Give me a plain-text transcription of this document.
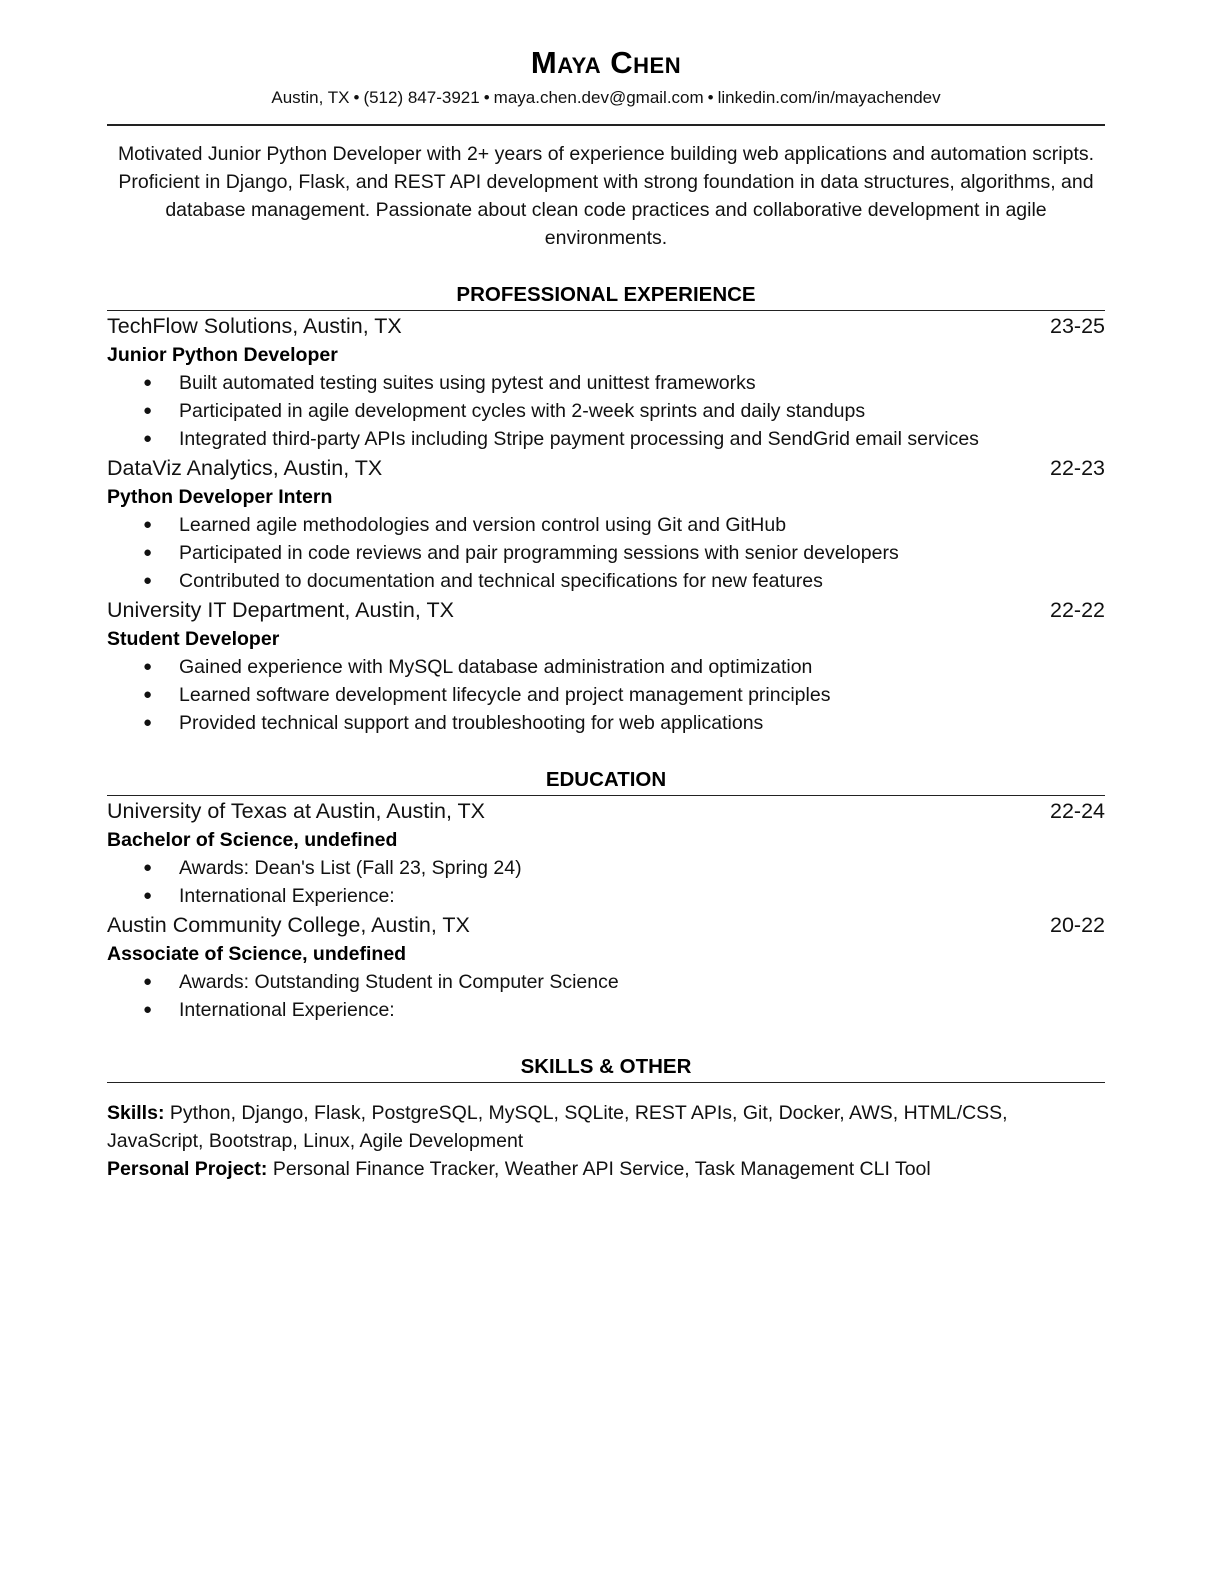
Maya Chen
Austin, TX • (512) 847-3921 • maya.chen.dev@gmail.com • linkedin.com/in/mayachendev
Motivated Junior Python Developer with 2+ years of experience building web applications and automation scripts. Proficient in Django, Flask, and REST API development with strong foundation in data structures, algorithms, and database management. Passionate about clean code practices and collaborative development in agile environments.
PROFESSIONAL EXPERIENCE
TechFlow Solutions, Austin, TX	23-25
Junior Python Developer
● Built automated testing suites using pytest and unittest frameworks
● Participated in agile development cycles with 2-week sprints and daily standups
● Integrated third-party APIs including Stripe payment processing and SendGrid email services
DataViz Analytics, Austin, TX	22-23
Python Developer Intern
● Learned agile methodologies and version control using Git and GitHub
● Participated in code reviews and pair programming sessions with senior developers
● Contributed to documentation and technical specifications for new features
University IT Department, Austin, TX	22-22
Student Developer
● Gained experience with MySQL database administration and optimization
● Learned software development lifecycle and project management principles
● Provided technical support and troubleshooting for web applications
EDUCATION
University of Texas at Austin, Austin, TX	22-24
Bachelor of Science, undefined
● Awards: Dean's List (Fall 23, Spring 24)
● International Experience:
Austin Community College, Austin, TX	20-22
Associate of Science, undefined
● Awards: Outstanding Student in Computer Science
● International Experience:
SKILLS & OTHER
Skills: Python, Django, Flask, PostgreSQL, MySQL, SQLite, REST APIs, Git, Docker, AWS, HTML/CSS, JavaScript, Bootstrap, Linux, Agile Development
Personal Project: Personal Finance Tracker, Weather API Service, Task Management CLI Tool
